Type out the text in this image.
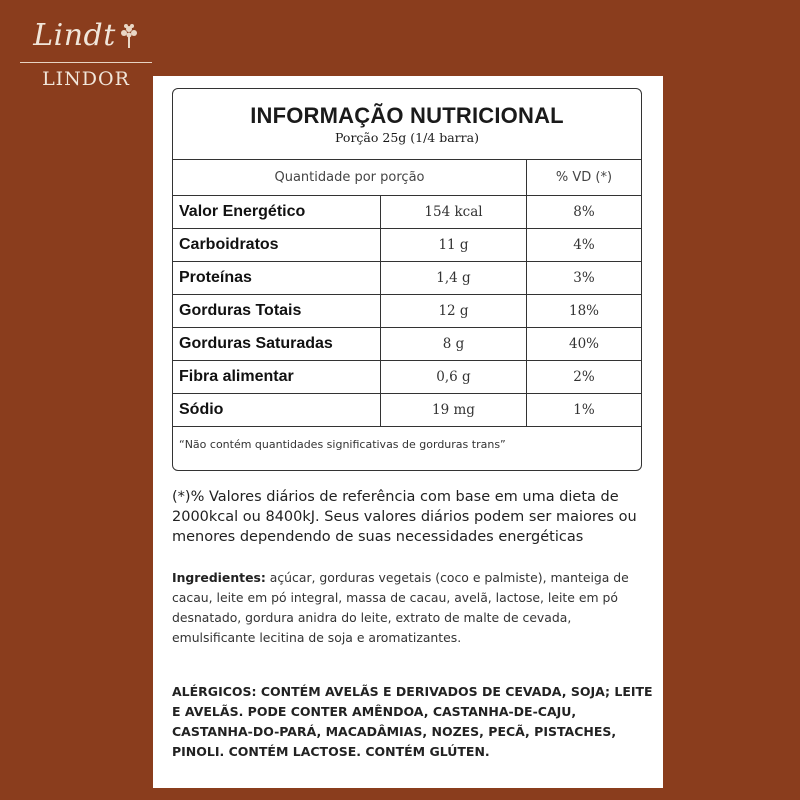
Lindt
LINDOR
INFORMAÇÃO NUTRICIONAL
Porção 25g (1/4 barra)
Quantidade por porção	% VD (*)
Valor Energético	154 kcal	8%
Carboidratos	11 g	4%
Proteínas	1,4 g	3%
Gorduras Totais	12 g	18%
Gorduras Saturadas	8 g	40%
Fibra alimentar	0,6 g	2%
Sódio	19 mg	1%
“Não contém quantidades significativas de gorduras trans”
(*)% Valores diários de referência com base em uma dieta de 2000kcal ou 8400kJ. Seus valores diários podem ser maiores ou menores dependendo de suas necessidades energéticas
Ingredientes: açúcar, gorduras vegetais (coco e palmiste), manteiga de cacau, leite em pó integral, massa de cacau, avelã, lactose, leite em pó desnatado, gordura anidra do leite, extrato de malte de cevada, emulsificante lecitina de soja e aromatizantes.
ALÉRGICOS: CONTÉM AVELÃS E DERIVADOS DE CEVADA, SOJA; LEITE E AVELÃS. PODE CONTER AMÊNDOA, CASTANHA-DE-CAJU, CASTANHA-DO-PARÁ, MACADÂMIAS, NOZES, PECÃ, PISTACHES, PINOLI. CONTÉM LACTOSE. CONTÉM GLÚTEN.
